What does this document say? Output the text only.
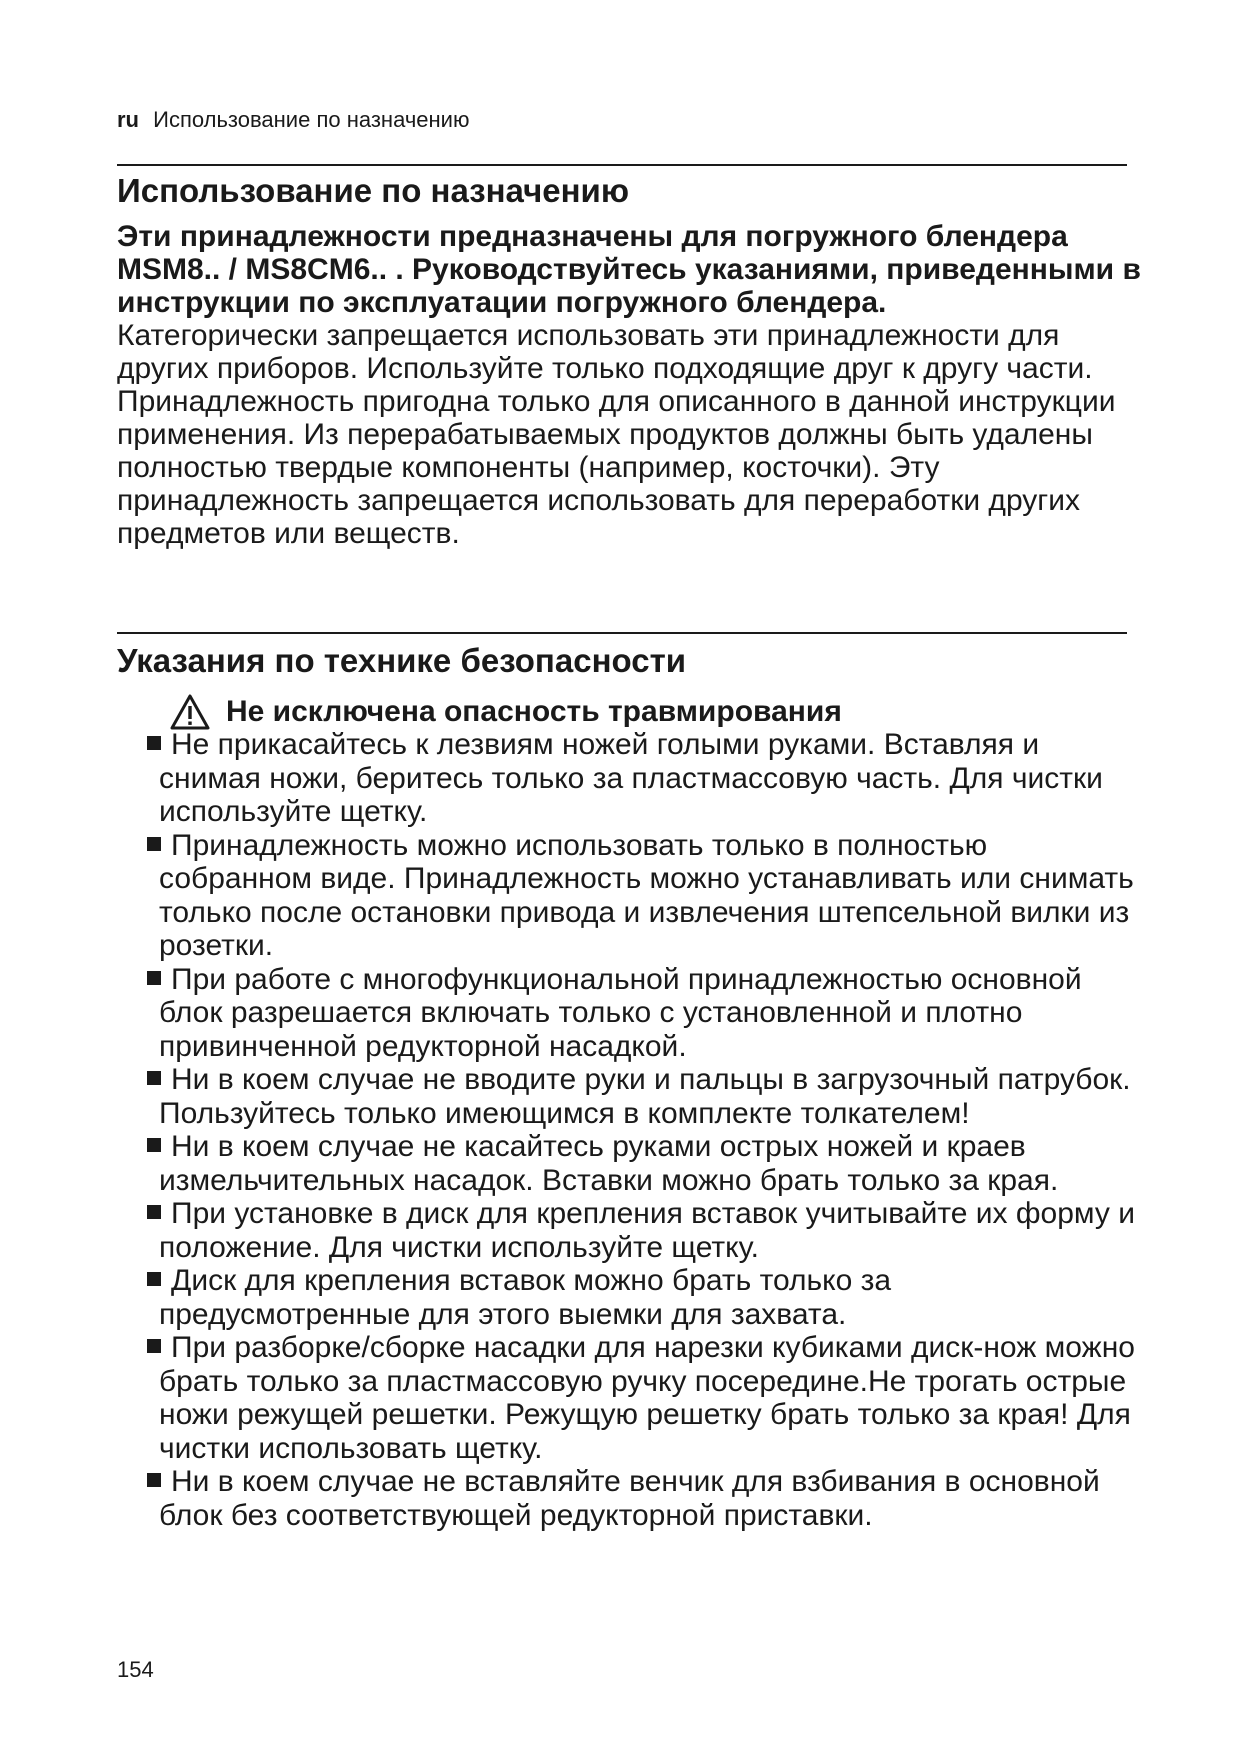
ru Использование по назначению
Использование по назначению

Эти принадлежности предназначены для погружного блендера MSM8.. / MS8CM6.. . Руководствуйтесь указаниями, приведенными в инструкции по эксплуатации погружного блендера.

Категорически запрещается использовать эти принадлежности для других приборов. Используйте только подходящие друг к другу части.

Принадлежность пригодна только для описанного в данной инструкции применения. Из перерабатываемых продуктов должны быть удалены полностью твердые компоненты (например, косточки). Эту принадлежность запрещается использовать для переработки других предметов или веществ.

Указания по технике безопасности
Не исключена опасность травмирования
Не прикасайтесь к лезвиям ножей голыми руками. Вставляя и снимая ножи, беритесь только за пластмассовую часть. Для чистки используйте щетку.
Принадлежность можно использовать только в полностью собранном виде. Принадлежность можно устанавливать или снимать только после остановки привода и извлечения штепсельной вилки из розетки.
При работе с многофункциональной принадлежностью основной блок разрешается включать только с установленной и плотно привинченной редукторной насадкой.
Ни в коем случае не вводите руки и пальцы в загрузочный патрубок. Пользуйтесь только имеющимся в комплекте толкателем!
Ни в коем случае не касайтесь руками острых ножей и краев измельчительных насадок. Вставки можно брать только за края.
При установке в диск для крепления вставок учитывайте их форму и положение. Для чистки используйте щетку.
Диск для крепления вставок можно брать только за предусмотренные для этого выемки для захвата.
При разборке/сборке насадки для нарезки кубиками диск-нож можно брать только за пластмассовую ручку посередине.Не трогать острые ножи режущей решетки. Режущую решетку брать только за края! Для чистки использовать щетку.
Ни в коем случае не вставляйте венчик для взбивания в основной блок без соответствующей редукторной приставки.
154
